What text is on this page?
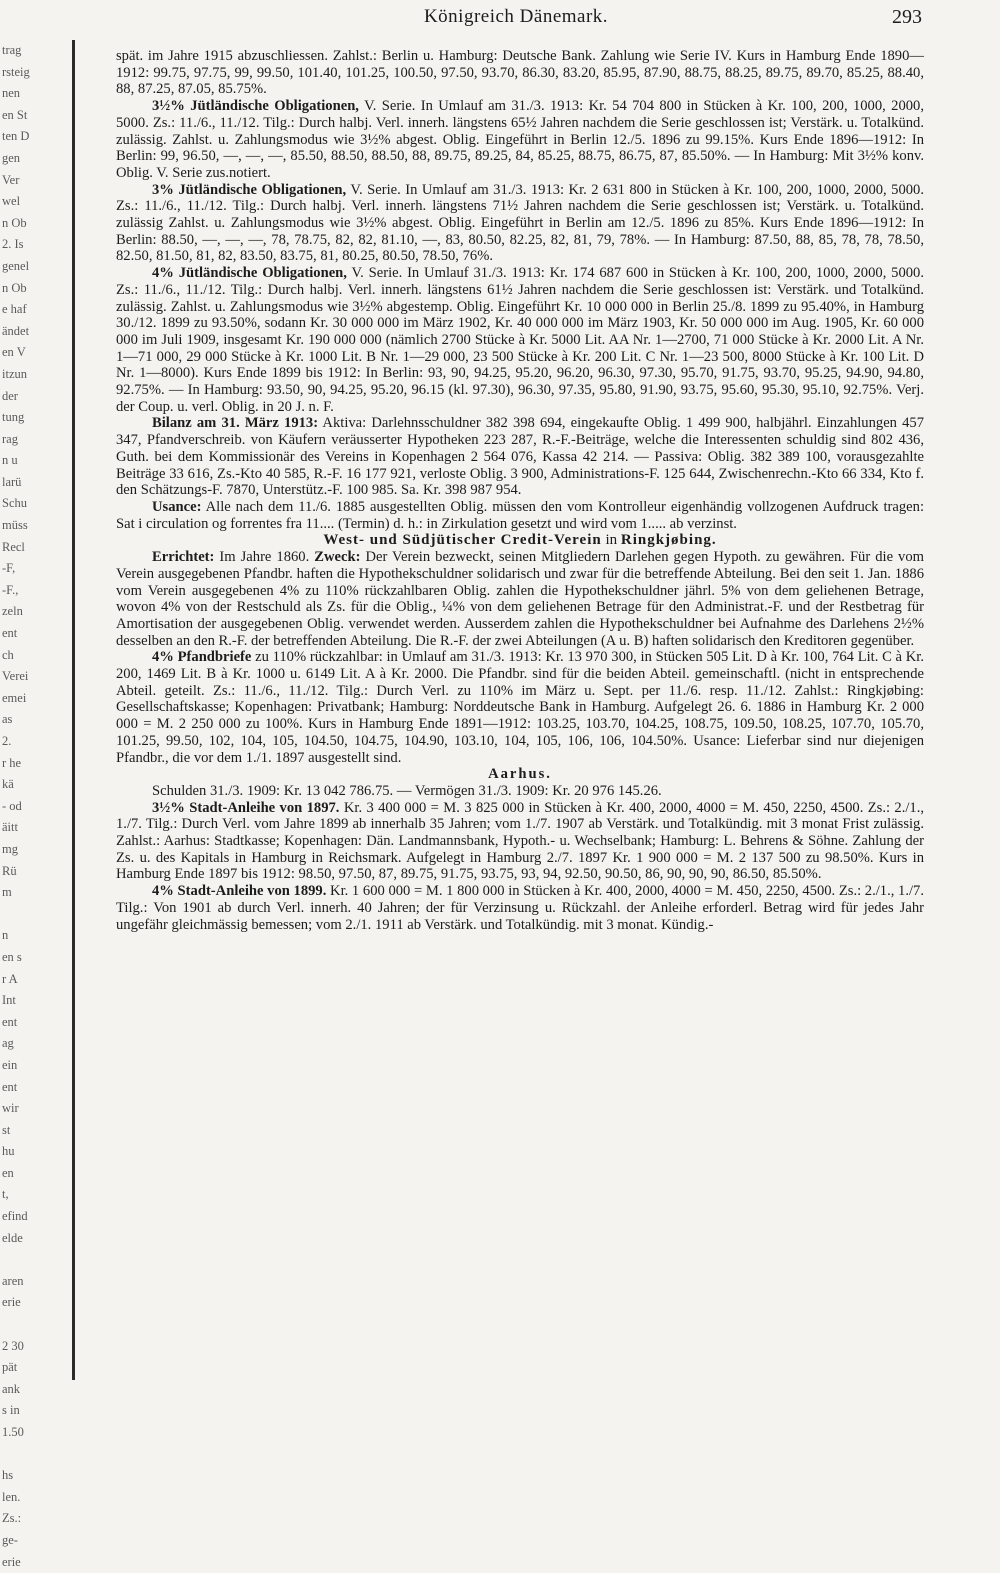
Königreich Dänemark.	293
trag
rsteig
nen
en St
ten D
gen
Ver
wel
n Ob
2. Is
genel
n Ob
e haf
ändet
en V
itzun
der
tung
rag
n u
larü
Schu
müss
Recl
-F,
-F.,
zeln
ent
ch
Verei
emei
as
2.
r he
kä
- od
äitt
mg
Rü
m

n
en s
r A
Int
ent
ag
ein
ent
wir
st
hu
en
t,
efind
elde

aren
erie

2 30
pät
ank
s in
1.50

hs
len.
Zs.:
ge-
erie

spät. im Jahre 1915 abzuschliessen. Zahlst.: Berlin u. Hamburg: Deutsche Bank. Zahlung wie Serie IV. Kurs in Hamburg Ende 1890—1912: 99.75, 97.75, 99, 99.50, 101.40, 101.25, 100.50, 97.50, 93.70, 86.30, 83.20, 85.95, 87.90, 88.75, 88.25, 89.75, 89.70, 85.25, 88.40, 88, 87.25, 87.05, 85.75%.

3½% Jütländische Obligationen, V. Serie. In Umlauf am 31./3. 1913: Kr. 54 704 800 in Stücken à Kr. 100, 200, 1000, 2000, 5000. Zs.: 11./6., 11./12. Tilg.: Durch halbj. Verl. innerh. längstens 65½ Jahren nachdem die Serie geschlossen ist; Verstärk. u. Totalkünd. zulässig. Zahlst. u. Zahlungsmodus wie 3½% abgest. Oblig. Eingeführt in Berlin 12./5. 1896 zu 99.15%. Kurs Ende 1896—1912: In Berlin: 99, 96.50, —, —, —, 85.50, 88.50, 88.50, 88, 89.75, 89.25, 84, 85.25, 88.75, 86.75, 87, 85.50%. — In Hamburg: Mit 3½% konv. Oblig. V. Serie zus.notiert.

3% Jütländische Obligationen, V. Serie. In Umlauf am 31./3. 1913: Kr. 2 631 800 in Stücken à Kr. 100, 200, 1000, 2000, 5000. Zs.: 11./6., 11./12. Tilg.: Durch halbj. Verl. innerh. längstens 71½ Jahren nachdem die Serie geschlossen ist; Verstärk. u. Totalkünd. zulässig Zahlst. u. Zahlungsmodus wie 3½% abgest. Oblig. Eingeführt in Berlin am 12./5. 1896 zu 85%. Kurs Ende 1896—1912: In Berlin: 88.50, —, —, —, 78, 78.75, 82, 82, 81.10, —, 83, 80.50, 82.25, 82, 81, 79, 78%. — In Hamburg: 87.50, 88, 85, 78, 78, 78.50, 82.50, 81.50, 81, 82, 83.50, 83.75, 81, 80.25, 80.50, 78.50, 76%.

4% Jütländische Obligationen, V. Serie. In Umlauf 31./3. 1913: Kr. 174 687 600 in Stücken à Kr. 100, 200, 1000, 2000, 5000. Zs.: 11./6., 11./12. Tilg.: Durch halbj. Verl. innerh. längstens 61½ Jahren nachdem die Serie geschlossen ist: Verstärk. und Totalkünd. zulässig. Zahlst. u. Zahlungsmodus wie 3½% abgestemp. Oblig. Eingeführt Kr. 10 000 000 in Berlin 25./8. 1899 zu 95.40%, in Hamburg 30./12. 1899 zu 93.50%, sodann Kr. 30 000 000 im März 1902, Kr. 40 000 000 im März 1903, Kr. 50 000 000 im Aug. 1905, Kr. 60 000 000 im Juli 1909, insgesamt Kr. 190 000 000 (nämlich 2700 Stücke à Kr. 5000 Lit. AA Nr. 1—2700, 71 000 Stücke à Kr. 2000 Lit. A Nr. 1—71 000, 29 000 Stücke à Kr. 1000 Lit. B Nr. 1—29 000, 23 500 Stücke à Kr. 200 Lit. C Nr. 1—23 500, 8000 Stücke à Kr. 100 Lit. D Nr. 1—8000). Kurs Ende 1899 bis 1912: In Berlin: 93, 90, 94.25, 95.20, 96.20, 96.30, 97.30, 95.70, 91.75, 93.70, 95.25, 94.90, 94.80, 92.75%. — In Hamburg: 93.50, 90, 94.25, 95.20, 96.15 (kl. 97.30), 96.30, 97.35, 95.80, 91.90, 93.75, 95.60, 95.30, 95.10, 92.75%. Verj. der Coup. u. verl. Oblig. in 20 J. n. F.

Bilanz am 31. März 1913: Aktiva: Darlehnsschuldner 382 398 694, eingekaufte Oblig. 1 499 900, halbjährl. Einzahlungen 457 347, Pfandverschreib. von Käufern veräusserter Hypotheken 223 287, R.-F.-Beiträge, welche die Interessenten schuldig sind 802 436, Guth. bei dem Kommissionär des Vereins in Kopenhagen 2 564 076, Kassa 42 214. — Passiva: Oblig. 382 389 100, vorausgezahlte Beiträge 33 616, Zs.-Kto 40 585, R.-F. 16 177 921, verloste Oblig. 3 900, Administrations-F. 125 644, Zwischenrechn.-Kto 66 334, Kto f. den Schätzungs-F. 7870, Unterstütz.-F. 100 985. Sa. Kr. 398 987 954.

Usance: Alle nach dem 11./6. 1885 ausgestellten Oblig. müssen den vom Kontrolleur eigenhändig vollzogenen Aufdruck tragen: Sat i circulation og forrentes fra 11.... (Termin) d. h.: in Zirkulation gesetzt und wird vom 1..... ab verzinst.

West- und Südjütischer Credit-Verein in Ringkjøbing.

Errichtet: Im Jahre 1860. Zweck: Der Verein bezweckt, seinen Mitgliedern Darlehen gegen Hypoth. zu gewähren. Für die vom Verein ausgegebenen Pfandbr. haften die Hypothekschuldner solidarisch und zwar für die betreffende Abteilung. Bei den seit 1. Jan. 1886 vom Verein ausgegebenen 4% zu 110% rückzahlbaren Oblig. zahlen die Hypothekschuldner jährl. 5% von dem geliehenen Betrage, wovon 4% von der Restschuld als Zs. für die Oblig., ¼% von dem geliehenen Betrage für den Administrat.-F. und der Restbetrag für Amortisation der ausgegebenen Oblig. verwendet werden. Ausserdem zahlen die Hypothekschuldner bei Aufnahme des Darlehens 2½% desselben an den R.-F. der betreffenden Abteilung. Die R.-F. der zwei Abteilungen (A u. B) haften solidarisch den Kreditoren gegenüber.

4% Pfandbriefe zu 110% rückzahlbar: in Umlauf am 31./3. 1913: Kr. 13 970 300, in Stücken 505 Lit. D à Kr. 100, 764 Lit. C à Kr. 200, 1469 Lit. B à Kr. 1000 u. 6149 Lit. A à Kr. 2000. Die Pfandbr. sind für die beiden Abteil. gemeinschaftl. (nicht in entsprechende Abteil. geteilt. Zs.: 11./6., 11./12. Tilg.: Durch Verl. zu 110% im März u. Sept. per 11./6. resp. 11./12. Zahlst.: Ringkjøbing: Gesellschaftskasse; Kopenhagen: Privatbank; Hamburg: Norddeutsche Bank in Hamburg. Aufgelegt 26. 6. 1886 in Hamburg Kr. 2 000 000 = M. 2 250 000 zu 100%. Kurs in Hamburg Ende 1891—1912: 103.25, 103.70, 104.25, 108.75, 109.50, 108.25, 107.70, 105.70, 101.25, 99.50, 102, 104, 105, 104.50, 104.75, 104.90, 103.10, 104, 105, 106, 106, 104.50%. Usance: Lieferbar sind nur diejenigen Pfandbr., die vor dem 1./1. 1897 ausgestellt sind.

Aarhus.

Schulden 31./3. 1909: Kr. 13 042 786.75. — Vermögen 31./3. 1909: Kr. 20 976 145.26.

3½% Stadt-Anleihe von 1897. Kr. 3 400 000 = M. 3 825 000 in Stücken à Kr. 400, 2000, 4000 = M. 450, 2250, 4500. Zs.: 2./1., 1./7. Tilg.: Durch Verl. vom Jahre 1899 ab innerhalb 35 Jahren; vom 1./7. 1907 ab Verstärk. und Totalkündig. mit 3 monat Frist zulässig. Zahlst.: Aarhus: Stadtkasse; Kopenhagen: Dän. Landmannsbank, Hypoth.- u. Wechselbank; Hamburg: L. Behrens & Söhne. Zahlung der Zs. u. des Kapitals in Hamburg in Reichsmark. Aufgelegt in Hamburg 2./7. 1897 Kr. 1 900 000 = M. 2 137 500 zu 98.50%. Kurs in Hamburg Ende 1897 bis 1912: 98.50, 97.50, 87, 89.75, 91.75, 93.75, 93, 94, 92.50, 90.50, 86, 90, 90, 90, 86.50, 85.50%.

4% Stadt-Anleihe von 1899. Kr. 1 600 000 = M. 1 800 000 in Stücken à Kr. 400, 2000, 4000 = M. 450, 2250, 4500. Zs.: 2./1., 1./7. Tilg.: Von 1901 ab durch Verl. innerh. 40 Jahren; der für Verzinsung u. Rückzahl. der Anleihe erforderl. Betrag wird für jedes Jahr ungefähr gleichmässig bemessen; vom 2./1. 1911 ab Verstärk. und Totalkündig. mit 3 monat. Kündig.-
